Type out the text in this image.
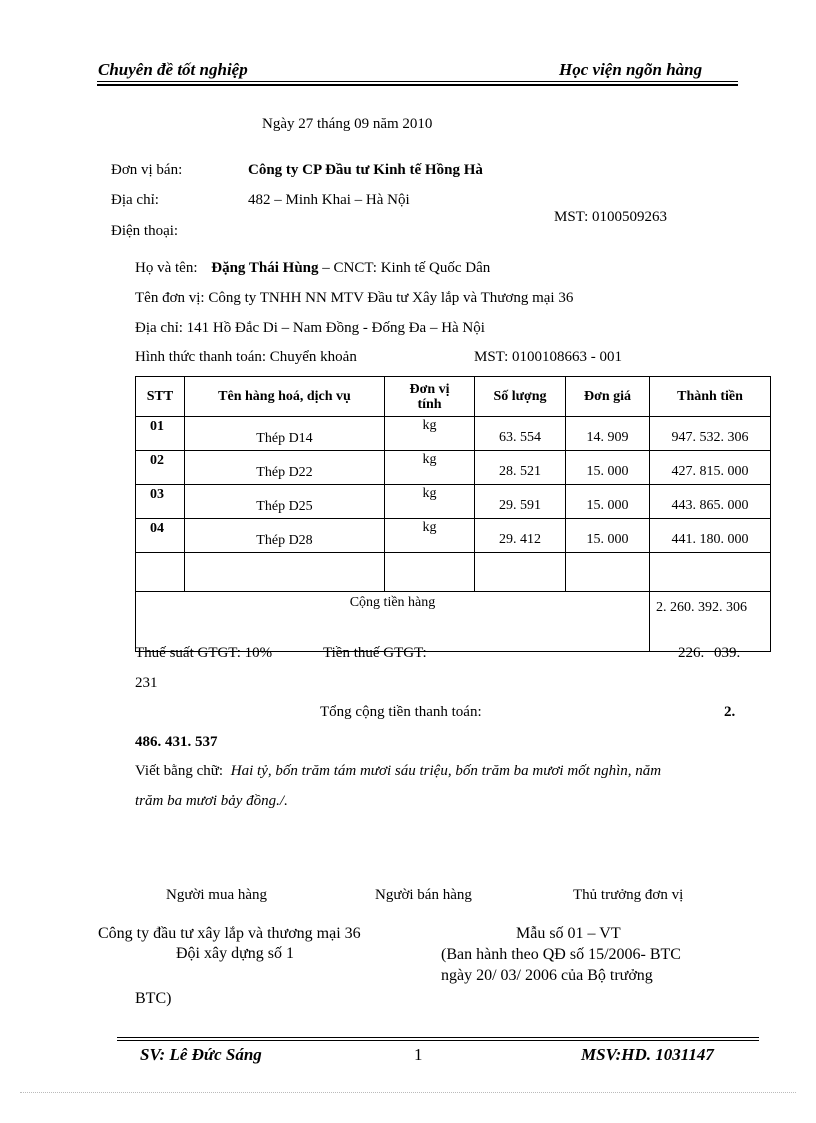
Chuyên đề tốt nghiệp	Học viện ngõn hàng
Ngày 27 tháng 09 năm 2010
Đơn vị bán:	Công ty CP Đầu tư Kinh tế Hồng Hà
Địa chỉ:	482 – Minh Khai – Hà Nội
MST: 0100509263
Điện thoại:
Họ và tên: Đặng Thái Hùng – CNCT: Kinh tế Quốc Dân
Tên đơn vị: Công ty TNHH NN MTV Đầu tư Xây lắp và Thương mại 36
Địa chỉ: 141 Hồ Đắc Di – Nam Đồng - Đống Đa – Hà Nội
Hình thức thanh toán: Chuyển khoản	MST: 0100108663 - 001
STT	Tên hàng hoá, dịch vụ	Đơn vị tính	Số lượng	Đơn giá	Thành tiền
01	Thép D14	kg	63. 554	14. 909	947. 532. 306
02	Thép D22	kg	28. 521	15. 000	427. 815. 000
03	Thép D25	kg	29. 591	15. 000	443. 865. 000
04	Thép D28	kg	29. 412	15. 000	441. 180. 000

Cộng tiền hàng					2. 260. 392. 306
Thuế suất GTGT: 10%	Tiền thuế GTGT:	226. 039.
231
Tổng cộng tiền thanh toán:	2.
486. 431. 537
Viết bằng chữ: Hai tỷ, bốn trăm tám mươi sáu triệu, bốn trăm ba mươi mốt nghìn, năm
trăm ba mươi bảy đồng./.
Người mua hàng	Người bán hàng	Thủ trưởng đơn vị
Công ty đầu tư xây lắp và thương mại 36
Đội xây dựng số 1
Mẫu số 01 – VT
(Ban hành theo QĐ số 15/2006- BTC
ngày 20/ 03/ 2006 của Bộ trưởng
BTC)
SV: Lê Đức Sáng	1	MSV:HD. 1031147
